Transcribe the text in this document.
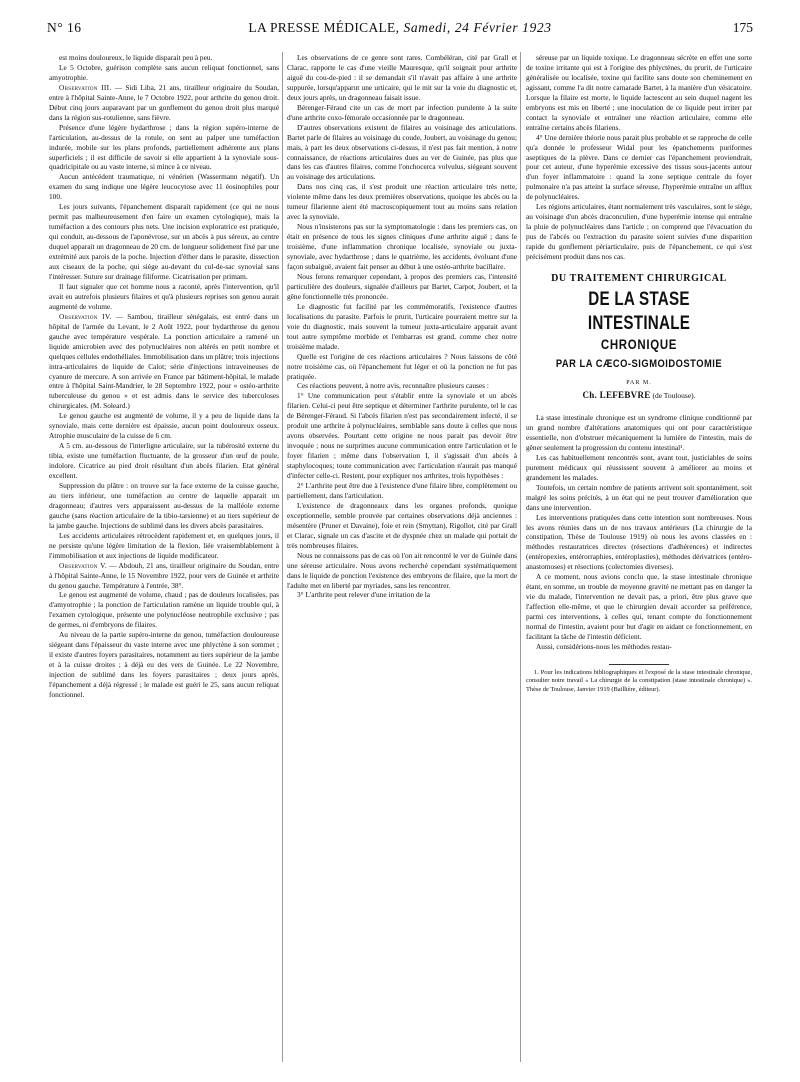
N° 16	LA PRESSE MÉDICALE, Samedi, 24 Février 1923	175

est moins douloureux, le liquide disparait peu à peu.

Le 5 Octobre, guérison complète sans aucun reliquat fonctionnel, sans amyotrophie.

Observation III. — Sidi Liba, 21 ans, tirailleur originaire du Soudan, entre à l'hôpital Sainte-Anne, le 7 Octobre 1922, pour arthrite du genou droit. Début cinq jours auparavant par un gonflement du genou droit plus marqué dans la région sus-rotulienne, sans fièvre.

Présence d'une légère hydarthrose ; dans la région supéro-interne de l'articulation, au-dessus de la rotule, on sent au palper une tuméfaction indurée, mobile sur les plans profonds, partiellement adhérente aux plans superficiels ; il est difficile de savoir si elle appartient à la synoviale sous-quadricipitale ou au vaste interne, si mince à ce niveau.

Aucun antécédent traumatique, ni vénérien (Wassermann négatif). Un examen du sang indique une légère leucocytose avec 11 éosinophiles pour 100.

Les jours suivants, l'épanchement disparait rapidement (ce qui ne nous permit pas malheureusement d'en faire un examen cytologique), mais la tuméfaction a des contours plus nets. Une incision exploratrice est pratiquée, qui conduit, au-dessous de l'aponévrose, sur un abcès à pus séreux, au centre duquel apparait un dragonneau de 20 cm. de longueur solidement fixé par une extrémité aux parois de la poche. Injection d'éther dans le parasite, dissection aux ciseaux de la poche, qui siège au-devant du cul-de-sac synovial sans l'intéresser. Suture sur drainage filiforme. Cicatrisation per primam.

Il faut signaler que cet homme nous a raconté, après l'intervention, qu'il avait eu autrefois plusieurs filaires et qu'à plusieurs reprises son genou aurait augmenté de volume.

Observation IV. — Sambou, tirailleur sénégalais, est entré dans un hôpital de l'armée du Levant, le 2 Août 1922, pour hydarthrose du genou gauche avec température vespérale. La ponction articulaire a ramené un liquide amicrobien avec des polynucléaires non altérés en petit nombre et quelques cellules endothéliales. Immobilisation dans un plâtre; trois injections intra-articulaires de liquide de Calot; série d'injections intraveineuses de cyanure de mercure. A son arrivée en France par bâtiment-hôpital, le malade entre à l'hôpital Saint-Mandrier, le 28 Septembre 1922, pour « ostéo-arthrite tuberculeuse du genou » et est admis dans le service des tuberculoses chirurgicales. (M. Soleard.)

Le genou gauche est augmenté de volume, il y a peu de liquide dans la synoviale, mais cette dernière est épaissie, aucun point douloureux osseux. Atrophie musculaire de la cuisse de 6 cm.

A 5 cm. au-dessous de l'interligne articulaire, sur la tubérosité externe du tibia, existe une tuméfaction fluctuante, de la grosseur d'un œuf de poule, indolore. Cicatrice au pied droit résultant d'un abcès filarien. Etat général excellent.

Suppression du plâtre : on trouve sur la face externe de la cuisse gauche, au tiers inférieur, une tuméfaction au centre de laquelle apparait un dragonneau; d'autres vers apparaissent au-dessus de la malléole externe gauche (sans réaction articulaire de la tibio-tarsienne) et au tiers supérieur de la jambe gauche. Injections de sublimé dans les divers abcès parasitaires.

Les accidents articulaires rétrocèdent rapidement et, en quelques jours, il ne persiste qu'une légère limitation de la flexion, liée vraisemblablement à l'immobilisation et aux injections de liquide modificateur.

Observation V. — Abdouh, 21 ans, tirailleur originaire du Soudan, entre à l'hôpital Sainte-Anne, le 15 Novembre 1922, pour vers de Guinée et arthrite du genou gauche. Température à l'entrée, 38°.

Le genou est augmenté de volume, chaud ; pas de douleurs localisées, pas d'amyotrophie ; la ponction de l'articulation ramène un liquide trouble qui, à l'examen cytologique, présente une polynucléose neutrophile exclusive ; pas de germes, ni d'embryons de filaires.

Au niveau de la partie supéro-interne du genou, tuméfaction douloureuse siégeant dans l'épaisseur du vaste interne avec une phlyctène à son sommet ; il existe d'autres foyers parasitaires, notamment au tiers supérieur de la jambe et à la cuisse droites ; à déjà eu des vers de Guinée. Le 22 Novembre, injection de sublimé dans les foyers parasitaires ; deux jours après, l'épanchement a déjà régressé ; le malade est guéri le 25, sans aucun reliquat fonctionnel.

Les observations de ce genre sont rares. Combéléran, cité par Grall et Clarac, rapporte le cas d'une vieille Mauresque, qu'il soignait pour arthrite aiguë du cou-de-pied : il se demandait s'il n'avait pas affaire à une arthrite suppurée, lorsqu'apparut une urticaire, qui le mit sur la voie du diagnostic et, deux jours après, un dragonneau faisait issue.

Bérenger-Féraud cite un cas de mort par infection purulente à la suite d'une arthrite coxo-fémorale occasionnée par le dragonneau.

D'autres observations existent de filaires au voisinage des articulations. Bartet parle de filaires au voisinage du coude, Joubert, au voisinage du genou; mais, à part les deux observations ci-dessus, il n'est pas fait mention, à notre connaissance, de réactions articulaires dues au ver de Guinée, pas plus que dans les cas d'autres filaires, comme l'onchocerca volvulus, siégeant souvent au voisinage des articulations.

Dans nos cinq cas, il s'est produit une réaction articulaire très nette, violente même dans les deux premières observations, quoique les abcès ou la tumeur filarienne aient été macroscopiquement tout au moins sans relation avec la synoviale.

Nous n'insisterons pas sur la symptomatologie : dans les premiers cas, on était en présence de tous les signes cliniques d'une arthrite aiguë ; dans le troisième, d'une inflammation chronique localisée, synoviale ou juxta-synoviale, avec hydarthrose ; dans le quatrième, les accidents, évoluant d'une façon subaiguë, avaient fait penser au début à une ostéo-arthrite bacillaire.

Nous ferons remarquer cependant, à propos des premiers cas, l'intensité particulière des douleurs, signalée d'ailleurs par Bartet, Carpot, Joubert, et la gêne fonctionnelle très prononcée.

Le diagnostic fut facilité par les commémoratifs, l'existence d'autres localisations du parasite. Parfois le prurit, l'urticaire pourraient mettre sur la voie du diagnostic, mais souvent la tumeur juxta-articulaire apparait avant tout autre symptôme morbide et l'embarras est grand, comme chez notre troisième malade.

Quelle est l'origine de ces réactions articulaires ? Nous laissons de côté notre troisième cas, où l'épanchement fut léger et où la ponction ne fut pas pratiquée.

Ces réactions peuvent, à notre avis, reconnaître plusieurs causes :

1° Une communication peut s'établir entre la synoviale et un abcès filarien. Celui-ci peut être septique et déterminer l'arthrite purulente, tel le cas de Bérenger-Féraud. Si l'abcès filarien n'est pas secondairement infecté, il se produit une arthrite à polynucléaires, semblable sans doute à celles que nous avons observées. Pourtant cette origine ne nous parait pas devoir être invoquée ; nous ne surprimes aucune communication entre l'articulation et le foyer filarien ; même dans l'observation I, il s'agissait d'un abcès à staphylocoques; toute communication avec l'articulation n'aurait pas manqué d'infecter celle-ci. Restent, pour expliquer nos arthrites, trois hypothèses :

2° L'arthrite peut être due à l'existence d'une filaire libre, complètement ou partiellement, dans l'articulation.

L'existence de dragonneaux dans les organes profonds, quoique exceptionnelle, semble prouvée par certaines observations déjà anciennes : mésentère (Pruner et Davaine), foie et rein (Smyttan), Rigollot, cité par Grall et Clarac, signale un cas d'ascite et de dyspnée chez un malade qui portait de très nombreuses filaires.

Nous ne connaissons pas de cas où l'on ait rencontré le ver de Guinée dans une séreuse articulaire. Nous avons recherché cependant systématiquement dans le liquide de ponction l'existence des embryons de filaire, que la mort de l'adulte met en liberté par myriades, sans les rencontrer.

3° L'arthrite peut relever d'une irritation de la

séreuse par un liquide toxique. Le dragonneau sécrète en effet une sorte de toxine irritante qui est à l'origine des phlyctènes, du prurit, de l'urticaire généralisée ou localisée, toxine qui facilite sans doute son cheminement en agissant, comme l'a dit notre camarade Bartet, à la manière d'un vésicatoire. Lorsque la filaire est morte, le liquide lactescent au sein duquel nagent les embryons est mis en liberté ; une inoculation de ce liquide peut irriter par contact la synoviale et entraîner une réaction articulaire, comme elle entraîne certains abcès filariens.

4° Une dernière théorie nous parait plus probable et se rapproche de celle qu'a donnée le professeur Widal pour les épanchements puriformes aseptiques de la plèvre. Dans ce dernier cas l'épanchement proviendrait, pour cet auteur, d'une hyperémie excessive des tissus sous-jacents autour d'un foyer inflammatoire : quand la zone septique centrale du foyer pulmonaire n'a pas atteint la surface séreuse, l'hyperémie entraîne un afflux de polynucléaires.

Les régions articulaires, étant normalement très vasculaires, sont le siège, au voisinage d'un abcès draconculien, d'une hyperémie intense qui entraîne la pluie de polynucléaires dans l'article ; on comprend que l'évacuation du pus de l'abcès ou l'extraction du parasite soient suivies d'une disparition rapide du gonflement périarticulaire, puis de l'épanchement, ce qui s'est précisément produit dans nos cas.

DU TRAITEMENT CHIRURGICAL
DE LA STASE INTESTINALE
CHRONIQUE
PAR LA CÆCO-SIGMOIDOSTOMIE
PAR M.
Ch. LEFEBVRE (de Toulouse).

La stase intestinale chronique est un syndrome clinique conditionné par un grand nombre d'altérations anatomiques qui ont pour caractéristique essentielle, non d'obstruer mécaniquement la lumière de l'intestin, mais de gêner seulement la progression du contenu intestinal¹.

Les cas habituellement rencontrés sont, avant tout, justiciables de soins purement médicaux qui réussissent souvent à améliorer au moins et grandement les malades.

Toutefois, un certain nombre de patients arrivent soit spontanément, soit malgré les soins précités, à un état qui ne peut trouver d'amélioration que dans une intervention.

Les interventions pratiquées dans cette intention sont nombreuses. Nous les avons réunies dans un de nos travaux antérieurs (La chirurgie de la constipation, Thèse de Toulouse 1919) où nous les avons classées en : méthodes restauratrices directes (résections d'adhérences) et indirectes (entéropexies, entérorraphies, entéroplasties), méthodes dérivatrices (entéro-anastomoses) et résections (colectomies diverses).

A ce moment, nous avions conclu que, la stase intestinale chronique étant, en somme, un trouble de moyenne gravité ne mettant pas en danger la vie du malade, l'intervention ne devait pas, a priori, être plus grave que l'affection elle-même, et que le chirurgien devait accorder sa préférence, parmi ces interventions, à celles qui, tenant compte du fonctionnement normal de l'intestin, avaient pour but d'agir en aidant ce fonctionnement, en facilitant la tâche de l'intestin déficient.

Aussi, considérions-nous les méthodes restau-

1. Pour les indications bibliographiques et l'exposé de la stase intestinale chronique, consulter notre travail « La chirurgie de la constipation (stase intestinale chronique) ». Thèse de Toulouse, Janvier 1919 (Baillière, éditeur).
